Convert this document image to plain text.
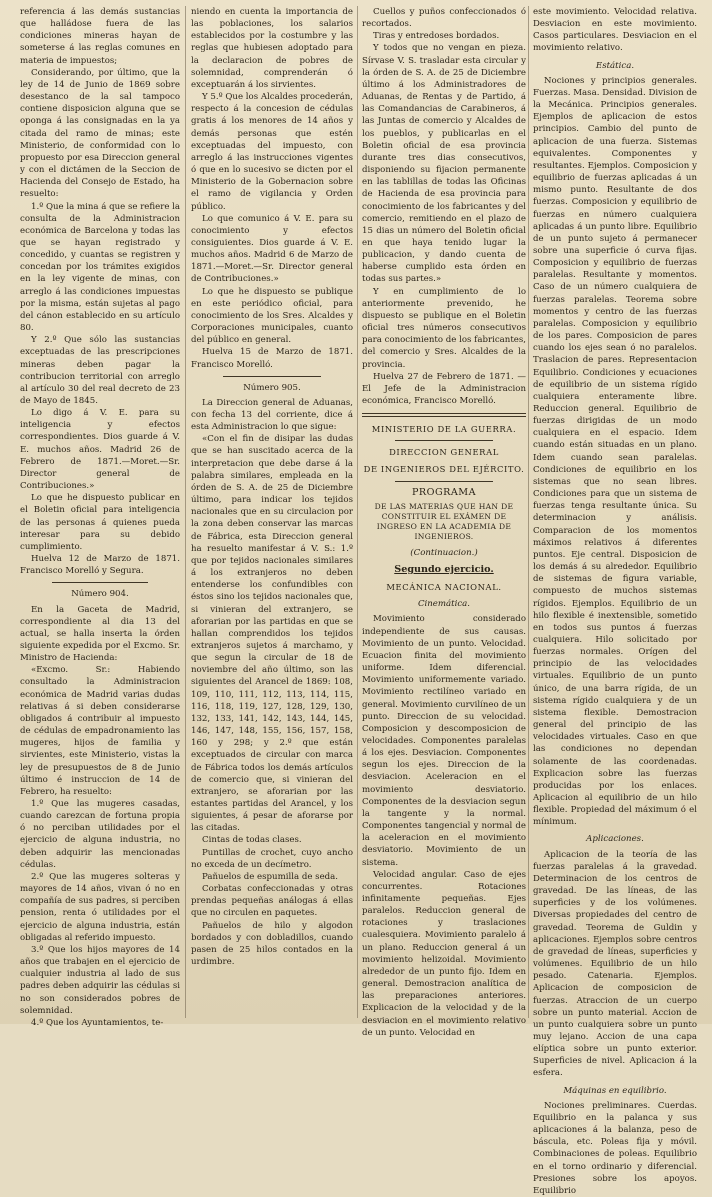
referencia á las demás sustancias que halládose fuera de las condiciones mineras hayan de someterse á las reglas comunes en materia de impuestos;

Considerando, por último, que la ley de 14 de Junio de 1869 sobre desestanco de la sal tampoco contiene disposicion alguna que se oponga á las consignadas en la ya citada del ramo de minas; este Ministerio, de conformidad con lo propuesto por esa Direccion general y con el dictámen de la Seccion de Hacienda del Consejo de Estado, ha resuelto:

1.º Que la mina á que se refiere la consulta de la Administracion económica de Barcelona y todas las que se hayan registrado y concedido, y cuantas se registren y concedan por los trámites exigidos en la ley vigente de minas, con arreglo á las condiciones impuestas por la misma, están sujetas al pago del cánon establecido en su artículo 80.

Y 2.º Que sólo las sustancias exceptuadas de las prescripciones mineras deben pagar la contribucion territorial con arreglo al artículo 30 del real decreto de 23 de Mayo de 1845.

Lo digo á V. E. para su inteligencia y efectos correspondientes. Dios guarde á V. E. muchos años. Madrid 26 de Febrero de 1871.—Moret.—Sr. Director general de Contribuciones.»

Lo que he dispuesto publicar en el Boletin oficial para inteligencia de las personas á quienes pueda interesar para su debido cumplimiento.

Huelva 12 de Marzo de 1871. Francisco Morelló y Segura.

Número 904.

En la Gaceta de Madrid, correspondiente al dia 13 del actual, se halla inserta la órden siguiente expedida por el Excmo. Sr. Ministro de Hacienda:

«Excmo. Sr.: Habiendo consultado la Administracion económica de Madrid varias dudas relativas á si deben considerarse obligados á contribuir al impuesto de cédulas de empadronamiento las mugeres, hijos de familia y sirvientes, este Ministerio, vistas la ley de presupuestos de 8 de Junio último é instruccion de 14 de Febrero, ha resuelto:

1.º Que las mugeres casadas, cuando carezcan de fortuna propia ó no perciban utilidades por el ejercicio de alguna industria, no deben adquirir las mencionadas cédulas.

2.º Que las mugeres solteras y mayores de 14 años, vivan ó no en compañía de sus padres, si perciben pension, renta ó utilidades por el ejercicio de alguna industria, están obligadas al referido impuesto.

3.º Que los hijos mayores de 14 años que trabajen en el ejercicio de cualquier industria al lado de sus padres deben adquirir las cédulas si no son considerados pobres de solemnidad.

4.º Que los Ayuntamientos, te-

niendo en cuenta la importancia de las poblaciones, los salarios establecidos por la costumbre y las reglas que hubiesen adoptado para la declaracion de pobres de solemnidad, comprenderán ó exceptuarán á los sirvientes.

Y 5.º Que los Alcaldes procederán, respecto á la concesion de cédulas gratis á los menores de 14 años y demás personas que estén exceptuadas del impuesto, con arreglo á las instrucciones vigentes ó que en lo sucesivo se dicten por el Ministerio de la Gobernacion sobre el ramo de vigilancia y Orden público.

Lo que comunico á V. E. para su conocimiento y efectos consiguientes. Dios guarde á V. E. muchos años. Madrid 6 de Marzo de 1871.—Moret.—Sr. Director general de Contribuciones.»

Lo que he dispuesto se publique en este periódico oficial, para conocimiento de los Sres. Alcaldes y Corporaciones municipales, cuanto del público en general.

Huelva 15 de Marzo de 1871. Francisco Morelló.

Número 905.

La Direccion general de Aduanas, con fecha 13 del corriente, dice á esta Administracion lo que sigue:

«Con el fin de disipar las dudas que se han suscitado acerca de la interpretacion que debe darse á la palabra similares, empleada en la órden de S. A. de 25 de Diciembre último, para indicar los tejidos nacionales que en su circulacion por la zona deben conservar las marcas de Fábrica, esta Direccion general ha resuelto manifestar á V. S.: 1.º que por tejidos nacionales similares á los extranjeros no deben entenderse los confundibles con éstos sino los tejidos nacionales que, si vinieran del extranjero, se aforarian por las partidas en que se hallan comprendidos los tejidos extranjeros sujetos á marchamo, y que segun la circular de 18 de noviembre del año último, son las siguientes del Arancel de 1869: 108, 109, 110, 111, 112, 113, 114, 115, 116, 118, 119, 127, 128, 129, 130, 132, 133, 141, 142, 143, 144, 145, 146, 147, 148, 155, 156, 157, 158, 160 y 298; y 2.º que están exceptuados de circular con marca de Fábrica todos los demás artículos de comercio que, si vinieran del extranjero, se aforarian por las estantes partidas del Arancel, y los siguientes, á pesar de aforarse por las citadas.

Cintas de todas clases.

Puntillas de crochet, cuyo ancho no exceda de un decímetro.

Pañuelos de espumilla de seda.

Corbatas confeccionadas y otras prendas pequeñas análogas á ellas que no circulen en paquetes.

Pañuelos de hilo y algodon bordados y con dobladillos, cuando pasen de 25 hilos contados en la urdimbre.

Cuellos y puños confeccionados ó recortados.

Tiras y entredoses bordados.

Y todos que no vengan en pieza. Sírvase V. S. trasladar esta circular y la órden de S. A. de 25 de Diciembre último á los Administradores de Aduanas, de Rentas y de Partido, á las Comandancias de Carabineros, á las Juntas de comercio y Alcaldes de los pueblos, y publicarlas en el Boletin oficial de esa provincia durante tres dias consecutivos, disponiendo su fijacion permanente en las tablillas de todas las Oficinas de Hacienda de esa provincia para conocimiento de los fabricantes y del comercio, remitiendo en el plazo de 15 dias un número del Boletin oficial en que haya tenido lugar la publicacion, y dando cuenta de haberse cumplido esta órden en todas sus partes.»

Y en cumplimiento de lo anteriormente prevenido, he dispuesto se publique en el Boletin oficial tres números consecutivos para conocimiento de los fabricantes, del comercio y Sres. Alcaldes de la provincia.

Huelva 27 de Febrero de 1871. —El Jefe de la Administracion económica, Francisco Morelló.

MINISTERIO DE LA GUERRA.

DIRECCION GENERAL

DE INGENIEROS DEL EJÉRCITO.

PROGRAMA

DE LAS MATERIAS QUE HAN DE CONSTITUIR EL EXÁMEN DE INGRESO EN LA ACADEMIA DE INGENIEROS.

(Continuacion.)

Segundo ejercicio.

MECÁNICA NACIONAL.

Cinemática.

Movimiento considerado independiente de sus causas. Movimiento de un punto. Velocidad. Ecuacion finita del movimiento uniforme. Idem diferencial. Movimiento uniformemente variado. Movimiento rectilíneo variado en general. Movimiento curvilíneo de un punto. Direccion de su velocidad. Composicion y descomposicion de velocidades. Componentes paralelas á los ejes. Desviacion. Componentes segun los ejes. Direccion de la desviacion. Aceleracion en el movimiento desviatorio. Componentes de la desviacion segun la tangente y la normal. Componentes tangencial y normal de la aceleracion en el movimiento desviatorio. Movimiento de un sistema.

Velocidad angular. Caso de ejes concurrentes. Rotaciones infinitamente pequeñas. Ejes paralelos. Reduccion general de rotaciones y traslaciones cualesquiera. Movimiento paralelo á un plano. Reduccion general á un movimiento helizoidal. Movimiento alrededor de un punto fijo. Idem en general. Demostracion analítica de las preparaciones anteriores. Explicacion de la velocidad y de la desviacion en el movimiento relativo de un punto. Velocidad en

este movimiento. Velocidad relativa. Desviacion en este movimiento. Casos particulares. Desviacion en el movimiento relativo.

Estática.

Nociones y principios generales. Fuerzas. Masa. Densidad. Division de la Mecánica. Principios generales. Ejemplos de aplicacion de estos principios. Cambio del punto de aplicacion de una fuerza. Sistemas equivalentes. Componentes y resultantes. Ejemplos. Composicion y equilibrio de fuerzas aplicadas á un mismo punto. Resultante de dos fuerzas. Composicion y equilibrio de fuerzas en número cualquiera aplicadas á un punto libre. Equilibrio de un punto sujeto á permanecer sobre una superficie ó curva fijas. Composicion y equilibrio de fuerzas paralelas. Resultante y momentos. Caso de un número cualquiera de fuerzas paralelas. Teorema sobre momentos y centro de las fuerzas paralelas. Composicion y equilibrio de los pares. Composicion de pares cuando los ejes sean ó no paralelos. Traslacion de pares. Representacion Equilibrio. Condiciones y ecuaciones de equilibrio de un sistema rígido cualquiera enteramente libre. Reduccion general. Equilibrio de fuerzas dirigidas de un modo cualquiera en el espacio. Idem cuando están situadas en un plano. Idem cuando sean paralelas. Condiciones de equilibrio en los sistemas que no sean libres. Condiciones para que un sistema de fuerzas tenga resultante única. Su determinacion y análisis. Comparacion de los momentos máximos relativos á diferentes puntos. Eje central. Disposicion de los demás á su alrededor. Equilibrio de sistemas de figura variable, compuesto de muchos sistemas rígidos. Ejemplos. Equilibrio de un hilo flexible é inextensible, sometido en todos sus puntos á fuerzas cualquiera. Hilo solicitado por fuerzas normales. Orígen del principio de las velocidades virtuales. Equilibrio de un punto único, de una barra rígida, de un sistema rígido cualquiera y de un sistema flexible. Demostracion general del principio de las velocidades virtuales. Caso en que las condiciones no dependan solamente de las coordenadas. Explicacion sobre las fuerzas producidas por los enlaces. Aplicacion al equilibrio de un hilo flexible. Propiedad del máximum ó el mínimum.

Aplicaciones.

Aplicacion de la teoría de las fuerzas paralelas á la gravedad. Determinacion de los centros de gravedad. De las líneas, de las superficies y de los volúmenes. Diversas propiedades del centro de gravedad. Teorema de Guldin y aplicaciones. Ejemplos sobre centros de gravedad de líneas, superficies y volúmenes. Equilibrio de un hilo pesado. Catenaria. Ejemplos. Aplicacion de composicion de fuerzas. Atraccion de un cuerpo sobre un punto material. Accion de un punto cualquiera sobre un punto muy lejano. Accion de una capa elíptica sobre un punto exterior. Superficies de nivel. Aplicacion á la esfera.

Máquinas en equilibrio.

Nociones preliminares. Cuerdas. Equilibrio en la palanca y sus aplicaciones á la balanza, peso de báscula, etc. Poleas fija y móvil. Combinaciones de poleas. Equilibrio en el torno ordinario y diferencial. Presiones sobre los apoyos. Equilibrio
